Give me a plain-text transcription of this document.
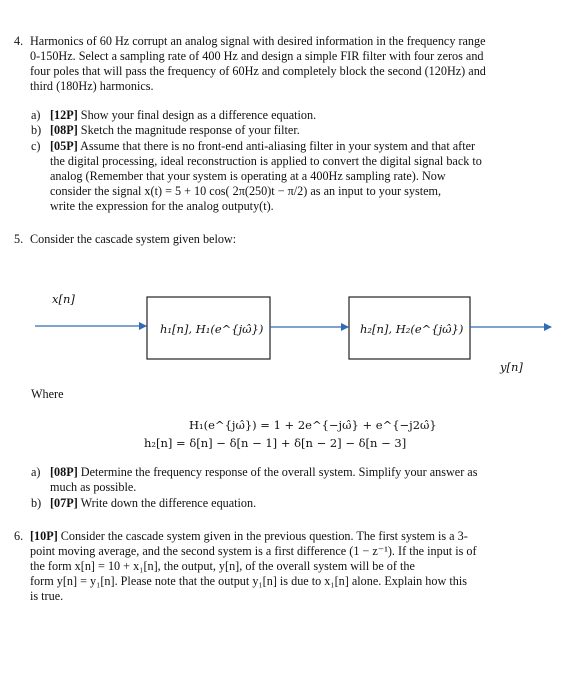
4. Harmonics of 60 Hz corrupt an analog signal with desired information in the frequency range
0-150Hz. Select a sampling rate of 400 Hz and design a simple FIR filter with four zeros and
four poles that will pass the frequency of 60Hz and completely block the second (120Hz) and
third (180Hz) harmonics.
a) [12P] Show your final design as a difference equation.
b) [08P] Sketch the magnitude response of your filter.
c) [05P] Assume that there is no front-end anti-aliasing filter in your system and that after
the digital processing, ideal reconstruction is applied to convert the digital signal back to
analog (Remember that your system is operating at a 400Hz sampling rate). Now
consider the signal x(t) = 5 + 10 cos( 2π(250)t − π/2) as an input to your system,
write the expression for the analog outputy(t).
5. Consider the cascade system given below:
x[n]
h₁[n], H₁(e^{jω̂})	h₂[n], H₂(e^{jω̂})
y[n]
Where
H₁(e^{jω̂}) = 1 + 2e^{−jω̂} + e^{−j2ω̂}
h₂[n] = δ[n] − δ[n − 1] + δ[n − 2] − δ[n − 3]
a) [08P] Determine the frequency response of the overall system. Simplify your answer as
much as possible.
b) [07P] Write down the difference equation.
6. [10P] Consider the cascade system given in the previous question. The first system is a 3-
point moving average, and the second system is a first difference (1 − z⁻¹). If the input is of
the form x[n] = 10 + x₁[n], the output, y[n], of the overall system will be of the
form y[n] = y₁[n]. Please note that the output y₁[n] is due to x₁[n] alone. Explain how this
is true.
